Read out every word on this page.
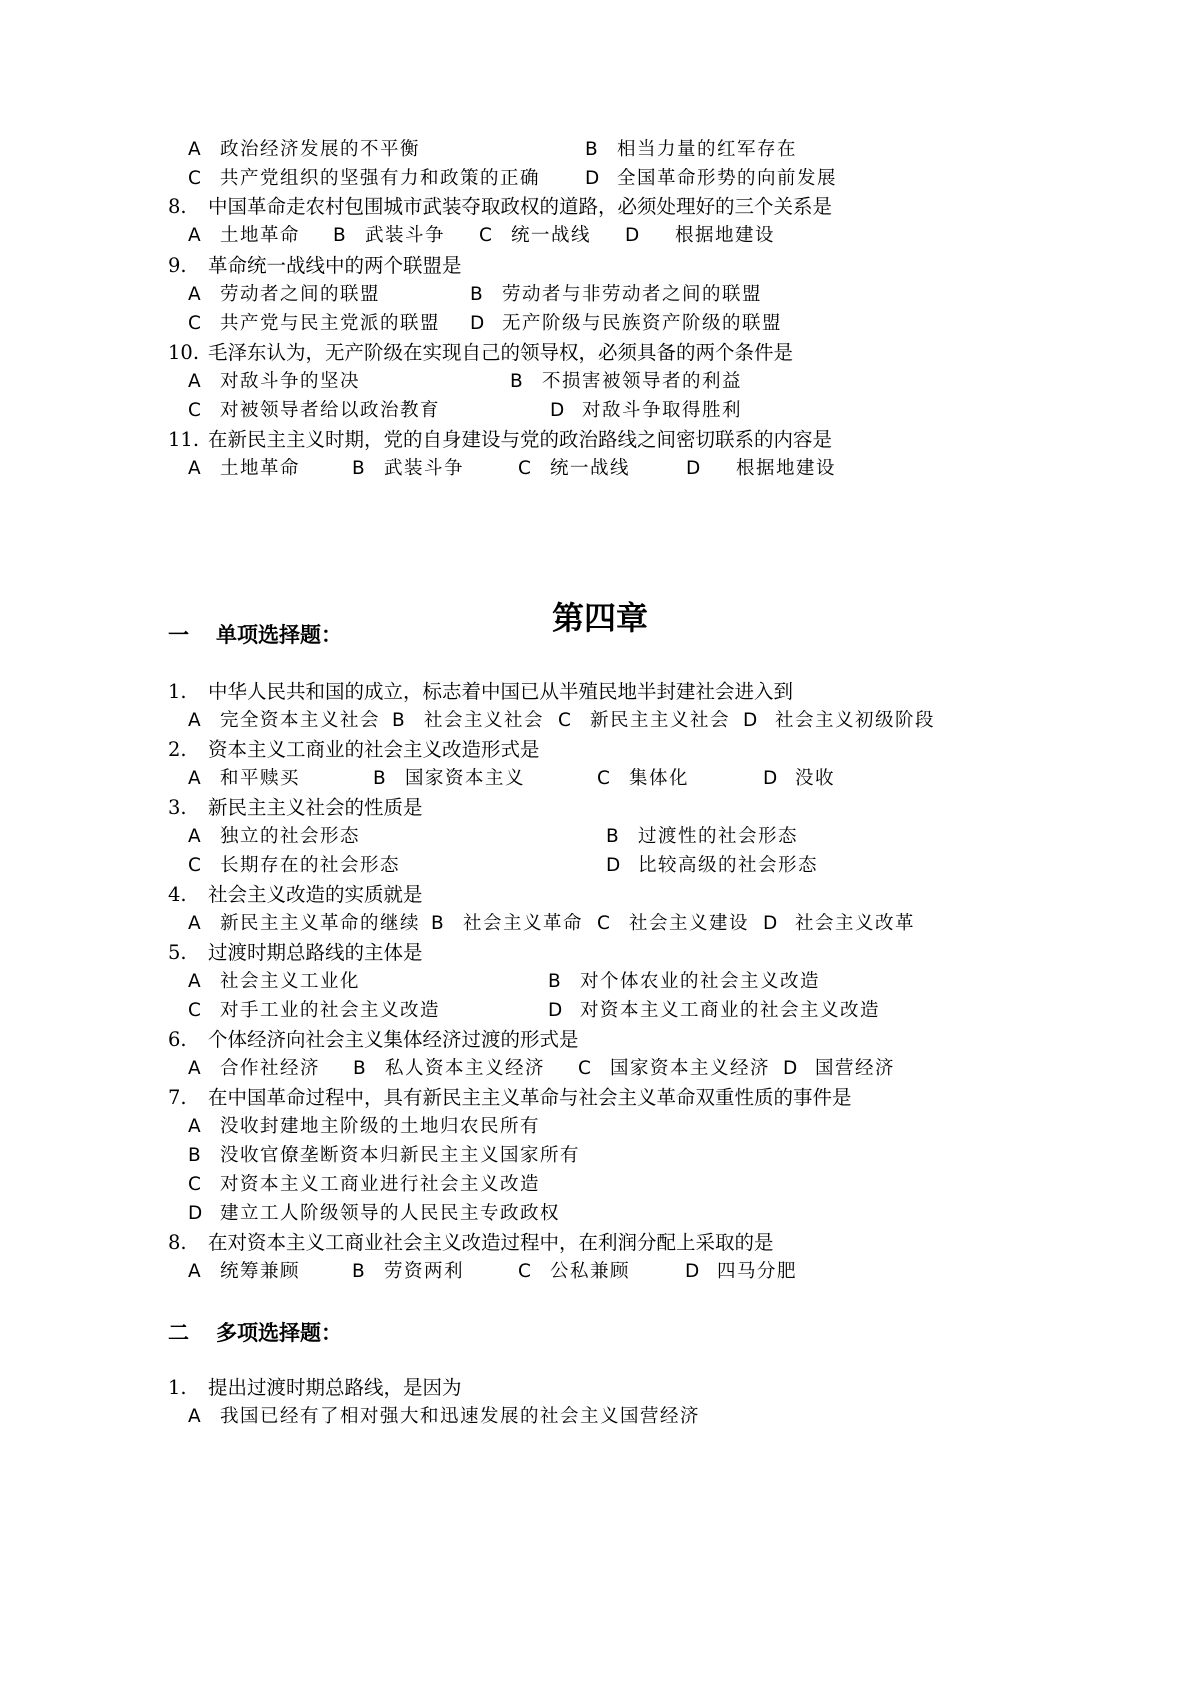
A 政治经济发展的不平衡	B 相当力量的红军存在
C 共产党组织的坚强有力和政策的正确 D 全国革命形势的向前发展
8. 中国革命走农村包围城市武装夺取政权的道路，必须处理好的三个关系是
A 土地革命 B 武装斗争 C 统一战线 D 根据地建设
9. 革命统一战线中的两个联盟是
A 劳动者之间的联盟	B 劳动者与非劳动者之间的联盟
C 共产党与民主党派的联盟 D 无产阶级与民族资产阶级的联盟
10. 毛泽东认为，无产阶级在实现自己的领导权，必须具备的两个条件是
A 对敌斗争的坚决	B 不损害被领导者的利益
C 对被领导者给以政治教育	D 对敌斗争取得胜利
11. 在新民主主义时期，党的自身建设与党的政治路线之间密切联系的内容是
A 土地革命	B 武装斗争	C 统一战线	D 根据地建设
第四章
一 单项选择题：
1. 中华人民共和国的成立，标志着中国已从半殖民地半封建社会进入到
A 完全资本主义社会 B 社会主义社会 C 新民主主义社会 D 社会主义初级阶段
2. 资本主义工商业的社会主义改造形式是
A 和平赎买	B 国家资本主义	C 集体化	D 没收
3. 新民主主义社会的性质是
A 独立的社会形态	B 过渡性的社会形态
C 长期存在的社会形态	D 比较高级的社会形态
4. 社会主义改造的实质就是
A 新民主主义革命的继续 B 社会主义革命 C 社会主义建设 D 社会主义改革
5. 过渡时期总路线的主体是
A 社会主义工业化	B 对个体农业的社会主义改造
C 对手工业的社会主义改造	D 对资本主义工商业的社会主义改造
6. 个体经济向社会主义集体经济过渡的形式是
A 合作社经济 B 私人资本主义经济 C 国家资本主义经济 D 国营经济
7. 在中国革命过程中，具有新民主主义革命与社会主义革命双重性质的事件是
A 没收封建地主阶级的土地归农民所有
B 没收官僚垄断资本归新民主主义国家所有
C 对资本主义工商业进行社会主义改造
D 建立工人阶级领导的人民民主专政政权
8. 在对资本主义工商业社会主义改造过程中，在利润分配上采取的是
A 统筹兼顾	B 劳资两利	C 公私兼顾	D 四马分肥
二 多项选择题：
1. 提出过渡时期总路线，是因为
A 我国已经有了相对强大和迅速发展的社会主义国营经济
